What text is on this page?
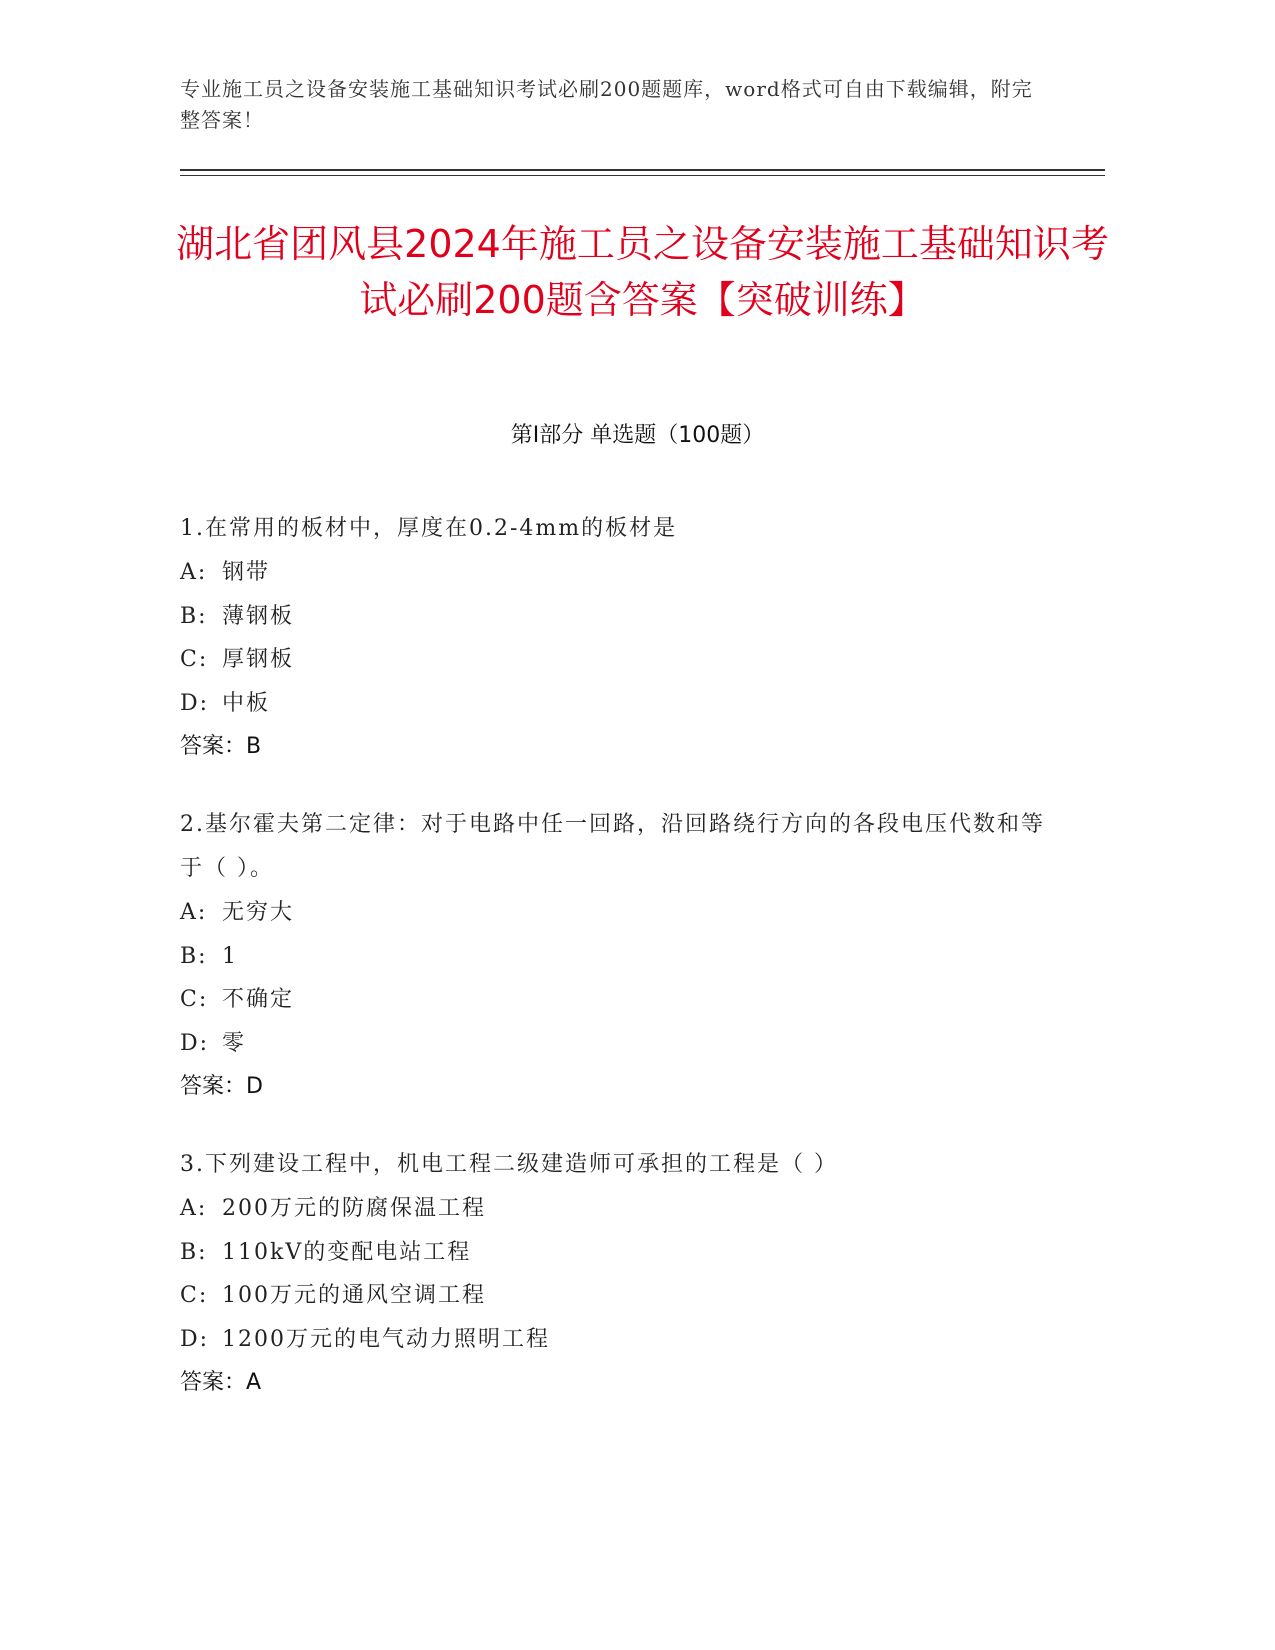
专业施工员之设备安装施工基础知识考试必刷200题题库，word格式可自由下载编辑，附完整答案！
湖北省团风县2024年施工员之设备安装施工基础知识考试必刷200题含答案【突破训练】
第Ⅰ部分 单选题（100题）
1.在常用的板材中，厚度在0.2-4mm的板材是
A: 钢带
B: 薄钢板
C: 厚钢板
D: 中板
答案：B
2.基尔霍夫第二定律：对于电路中任一回路，沿回路绕行方向的各段电压代数和等于（ ）。
A: 无穷大
B: 1
C: 不确定
D: 零
答案：D
3.下列建设工程中，机电工程二级建造师可承担的工程是（ ）
A: 200万元的防腐保温工程
B: 110kV的变配电站工程
C: 100万元的通风空调工程
D: 1200万元的电气动力照明工程
答案：A
